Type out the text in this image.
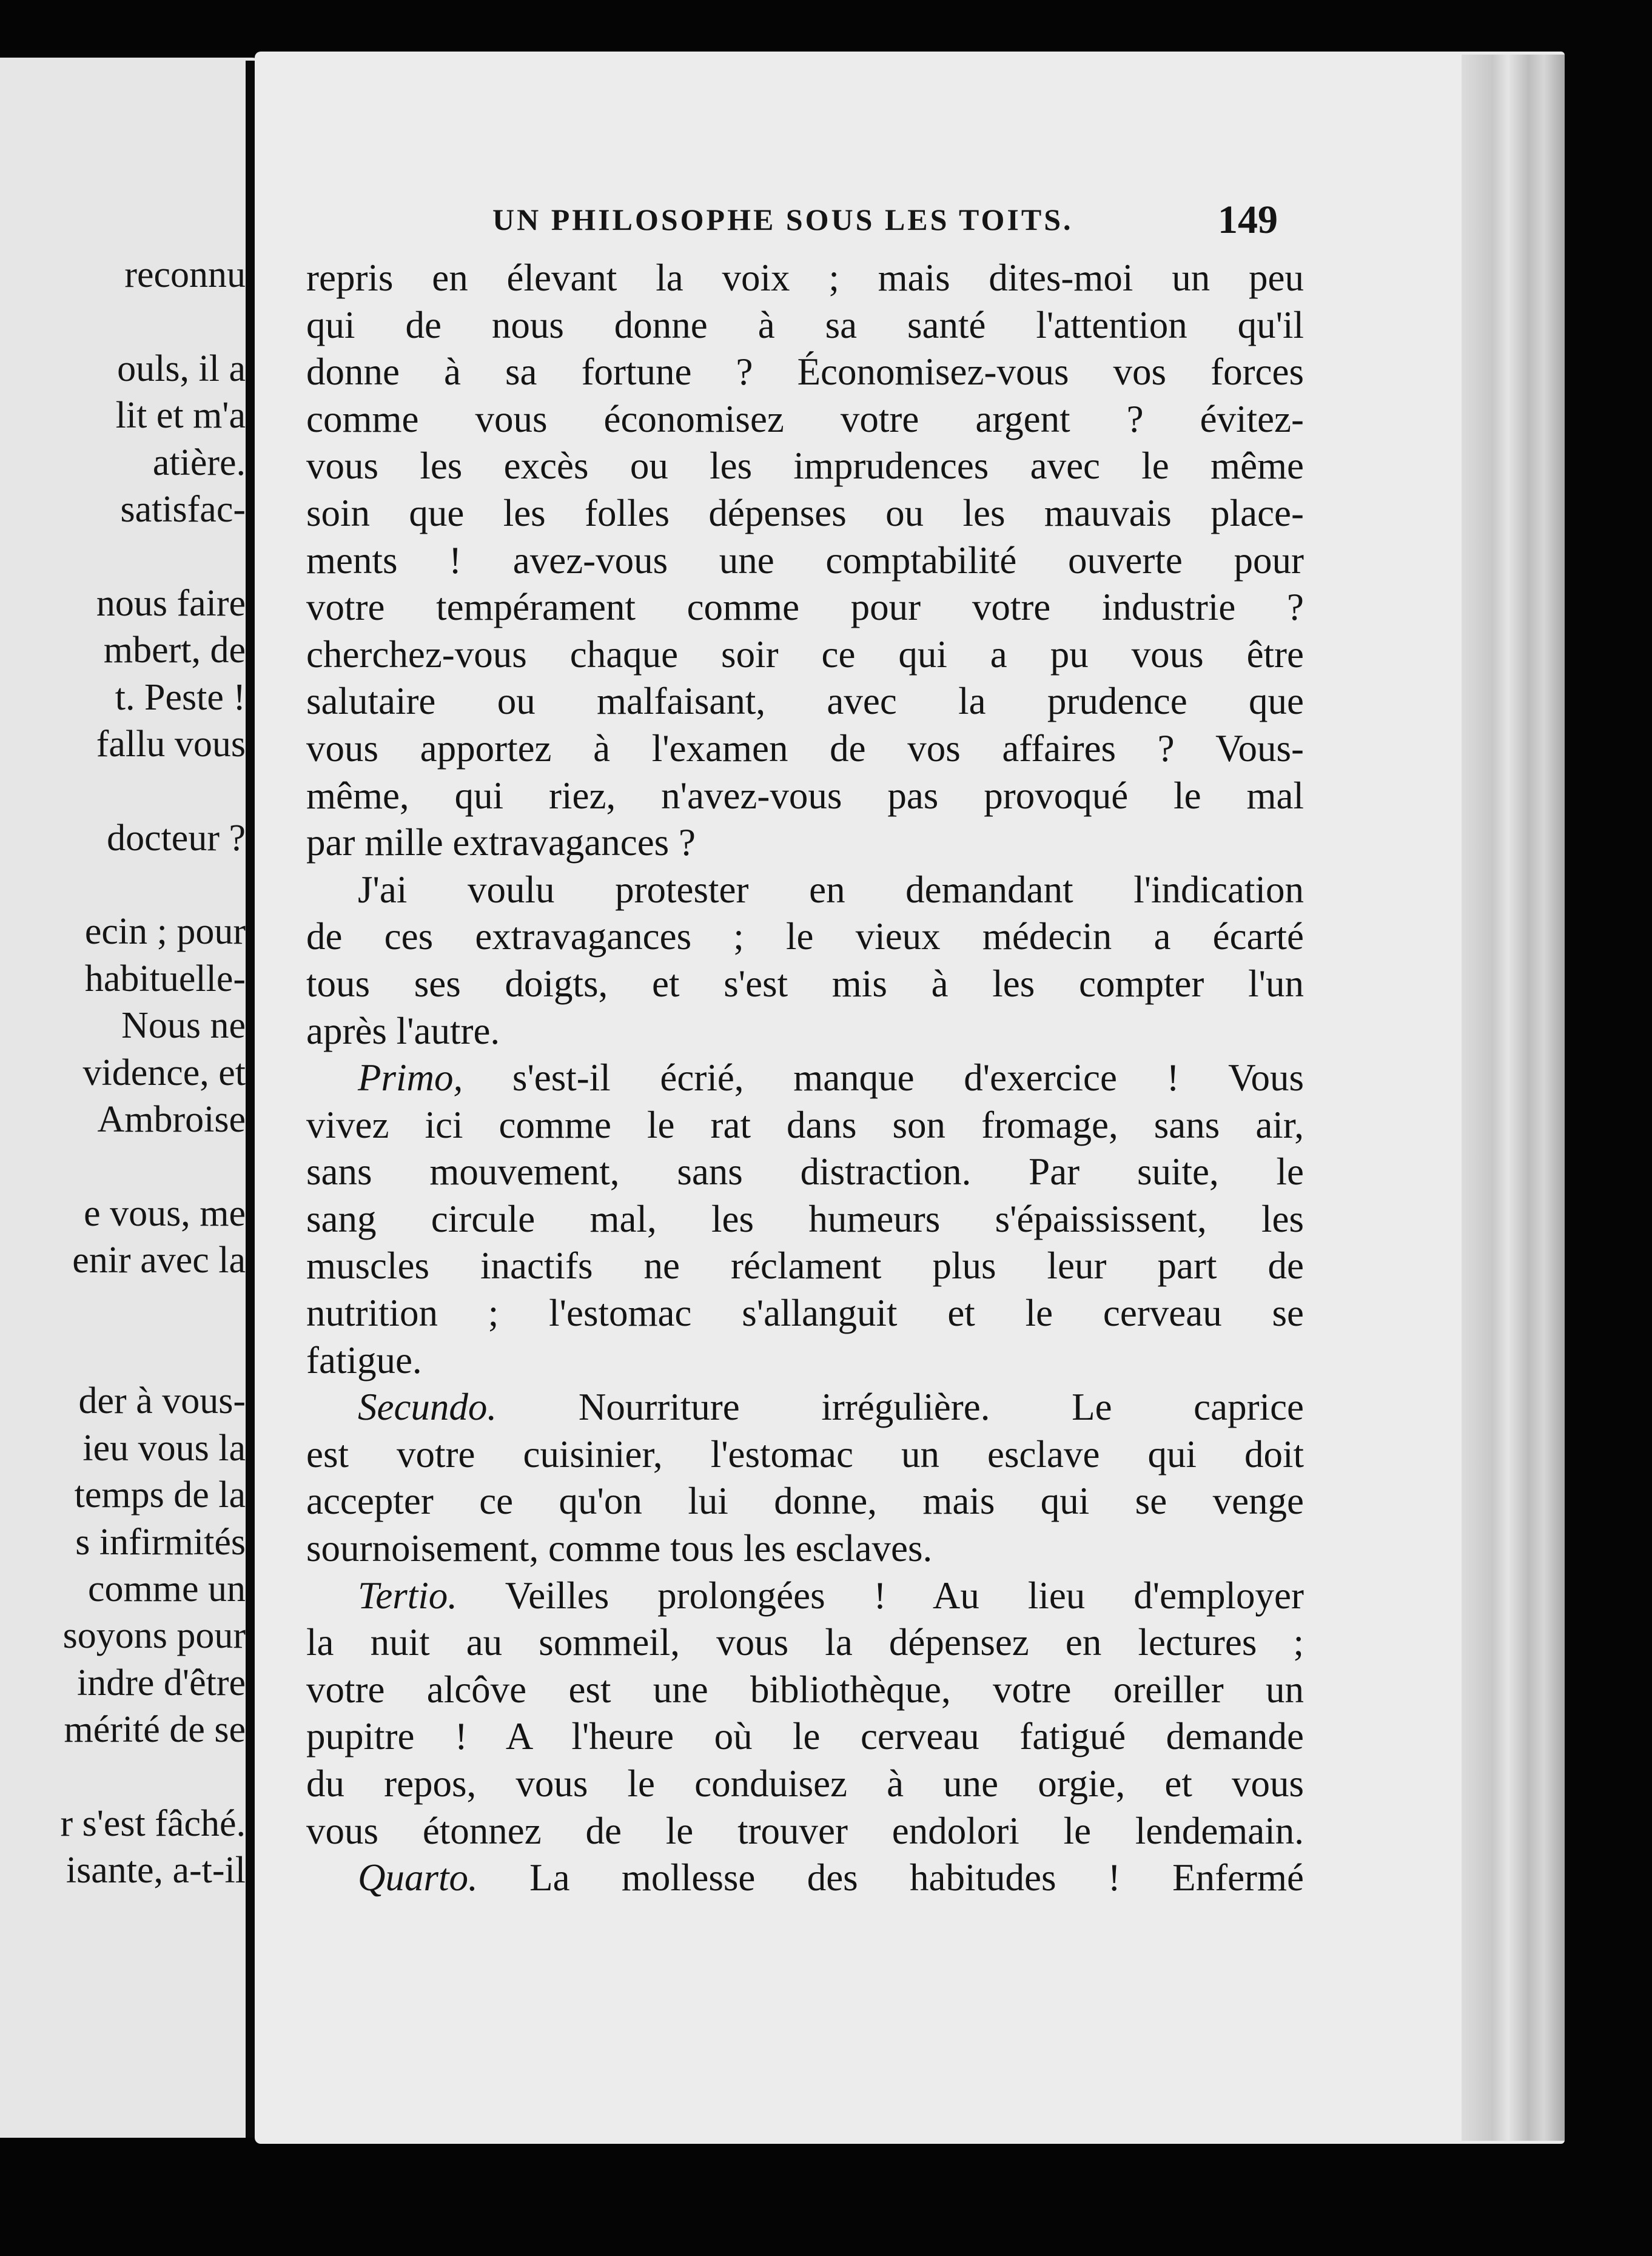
reconnu
ouls, il a
lit et m'a
atière.
satisfac-
nous faire
mbert, de
t. Peste !
fallu vous
docteur ?
ecin ; pour
habituelle-
Nous ne
vidence, et
Ambroise
e vous, me
enir avec la
der à vous-
ieu vous la
temps de la
s infirmités
comme un
soyons pour
indre d'être
mérité de se
r s'est fâché.
isante, a-t-il
UN PHILOSOPHE SOUS LES TOITS.	149
repris en élevant la voix ; mais dites-moi un peu
qui de nous donne à sa santé l'attention qu'il
donne à sa fortune ? Économisez-vous vos forces
comme vous économisez votre argent ? évitez-
vous les excès ou les imprudences avec le même
soin que les folles dépenses ou les mauvais place-
ments ! avez-vous une comptabilité ouverte pour
votre tempérament comme pour votre industrie ?
cherchez-vous chaque soir ce qui a pu vous être
salutaire ou malfaisant, avec la prudence que
vous apportez à l'examen de vos affaires ? Vous-
même, qui riez, n'avez-vous pas provoqué le mal
par mille extravagances ?
J'ai voulu protester en demandant l'indication
de ces extravagances ; le vieux médecin a écarté
tous ses doigts, et s'est mis à les compter l'un
après l'autre.
Primo, s'est-il écrié, manque d'exercice ! Vous
vivez ici comme le rat dans son fromage, sans air,
sans mouvement, sans distraction. Par suite, le
sang circule mal, les humeurs s'épaississent, les
muscles inactifs ne réclament plus leur part de
nutrition ; l'estomac s'allanguit et le cerveau se
fatigue.
Secundo. Nourriture irrégulière. Le caprice
est votre cuisinier, l'estomac un esclave qui doit
accepter ce qu'on lui donne, mais qui se venge
sournoisement, comme tous les esclaves.
Tertio. Veilles prolongées ! Au lieu d'employer
la nuit au sommeil, vous la dépensez en lectures ;
votre alcôve est une bibliothèque, votre oreiller un
pupitre ! A l'heure où le cerveau fatigué demande
du repos, vous le conduisez à une orgie, et vous
vous étonnez de le trouver endolori le lendemain.
Quarto. La mollesse des habitudes ! Enfermé
